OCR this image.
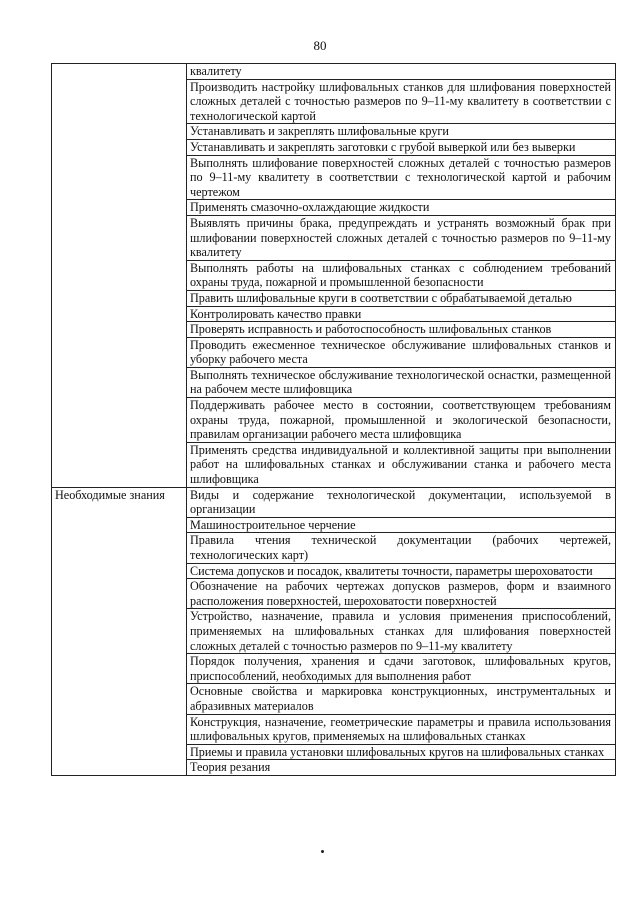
80
	квалитету
	Производить настройку шлифовальных станков для шлифования поверхностей сложных деталей с точностью размеров по 9–11-му квалитету в соответствии с технологической картой
	Устанавливать и закреплять шлифовальные круги
	Устанавливать и закреплять заготовки с грубой выверкой или без выверки
	Выполнять шлифование поверхностей сложных деталей с точностью размеров по 9–11-му квалитету в соответствии с технологической картой и рабочим чертежом
	Применять смазочно-охлаждающие жидкости
	Выявлять причины брака, предупреждать и устранять возможный брак при шлифовании поверхностей сложных деталей с точностью размеров по 9–11-му квалитету
	Выполнять работы на шлифовальных станках с соблюдением требований охраны труда, пожарной и промышленной безопасности
	Править шлифовальные круги в соответствии с обрабатываемой деталью
	Контролировать качество правки
	Проверять исправность и работоспособность шлифовальных станков
	Проводить ежесменное техническое обслуживание шлифовальных станков и уборку рабочего места
	Выполнять техническое обслуживание технологической оснастки, размещенной на рабочем месте шлифовщика
	Поддерживать рабочее место в состоянии, соответствующем требованиям охраны труда, пожарной, промышленной и экологической безопасности, правилам организации рабочего места шлифовщика
	Применять средства индивидуальной и коллективной защиты при выполнении работ на шлифовальных станках и обслуживании станка и рабочего места шлифовщика
Необходимые знания	Виды и содержание технологической документации, используемой в организации
	Машиностроительное черчение
	Правила чтения технической документации (рабочих чертежей, технологических карт)
	Система допусков и посадок, квалитеты точности, параметры шероховатости
	Обозначение на рабочих чертежах допусков размеров, форм и взаимного расположения поверхностей, шероховатости поверхностей
	Устройство, назначение, правила и условия применения приспособлений, применяемых на шлифовальных станках для шлифования поверхностей сложных деталей с точностью размеров по 9–11-му квалитету
	Порядок получения, хранения и сдачи заготовок, шлифовальных кругов, приспособлений, необходимых для выполнения работ
	Основные свойства и маркировка конструкционных, инструментальных и абразивных материалов
	Конструкция, назначение, геометрические параметры и правила использования шлифовальных кругов, применяемых на шлифовальных станках
	Приемы и правила установки шлифовальных кругов на шлифовальных станках
	Теория резания
